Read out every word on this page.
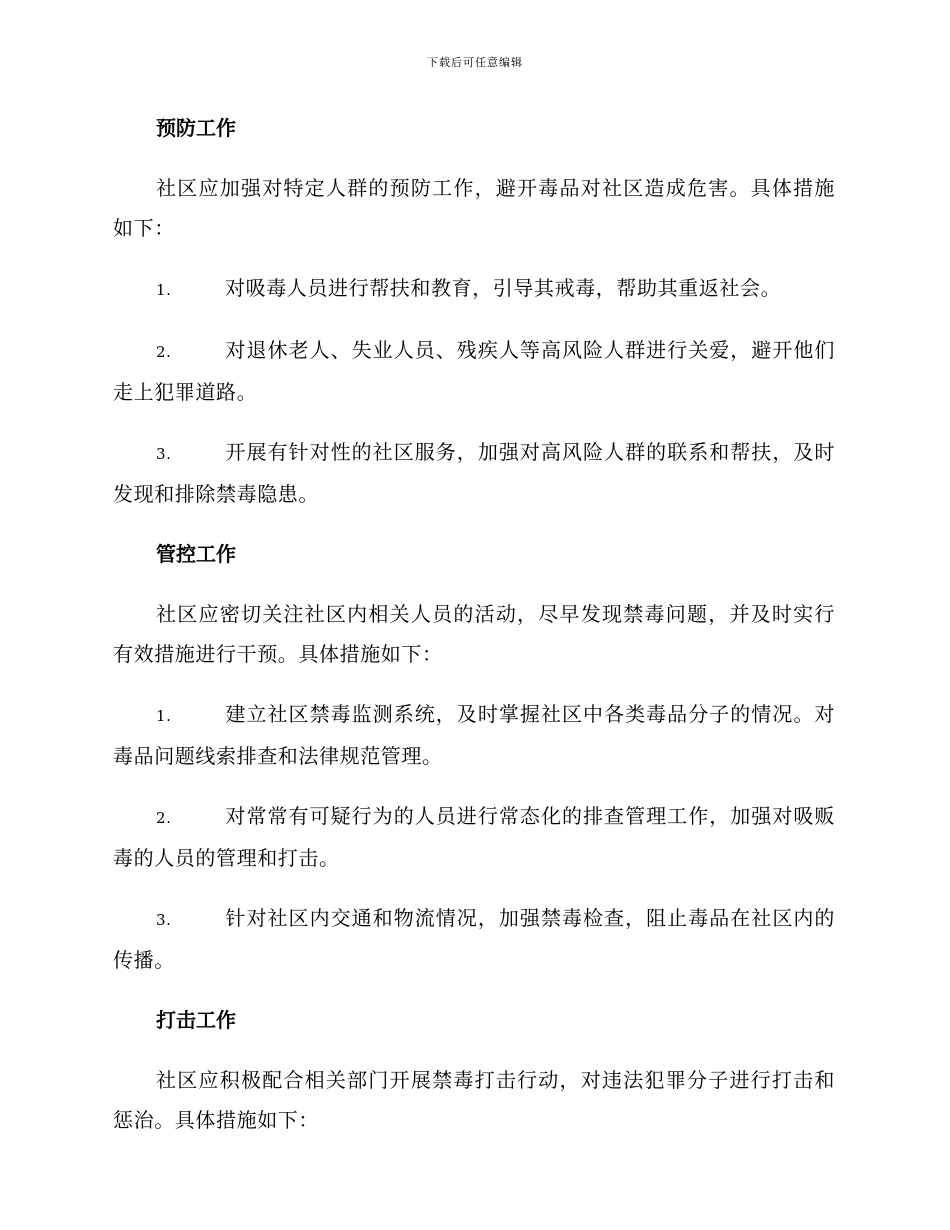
下载后可任意编辑
预防工作

社区应加强对特定人群的预防工作，避开毒品对社区造成危害。具体措施如下：

1.	对吸毒人员进行帮扶和教育，引导其戒毒，帮助其重返社会。

2.	对退休老人、失业人员、残疾人等高风险人群进行关爱，避开他们走上犯罪道路。

3.	开展有针对性的社区服务，加强对高风险人群的联系和帮扶，及时发现和排除禁毒隐患。

管控工作

社区应密切关注社区内相关人员的活动，尽早发现禁毒问题，并及时实行有效措施进行干预。具体措施如下：

1.	建立社区禁毒监测系统，及时掌握社区中各类毒品分子的情况。对毒品问题线索排查和法律规范管理。

2.	对常常有可疑行为的人员进行常态化的排查管理工作，加强对吸贩毒的人员的管理和打击。

3.	针对社区内交通和物流情况，加强禁毒检查，阻止毒品在社区内的传播。

打击工作

社区应积极配合相关部门开展禁毒打击行动，对违法犯罪分子进行打击和惩治。具体措施如下：
